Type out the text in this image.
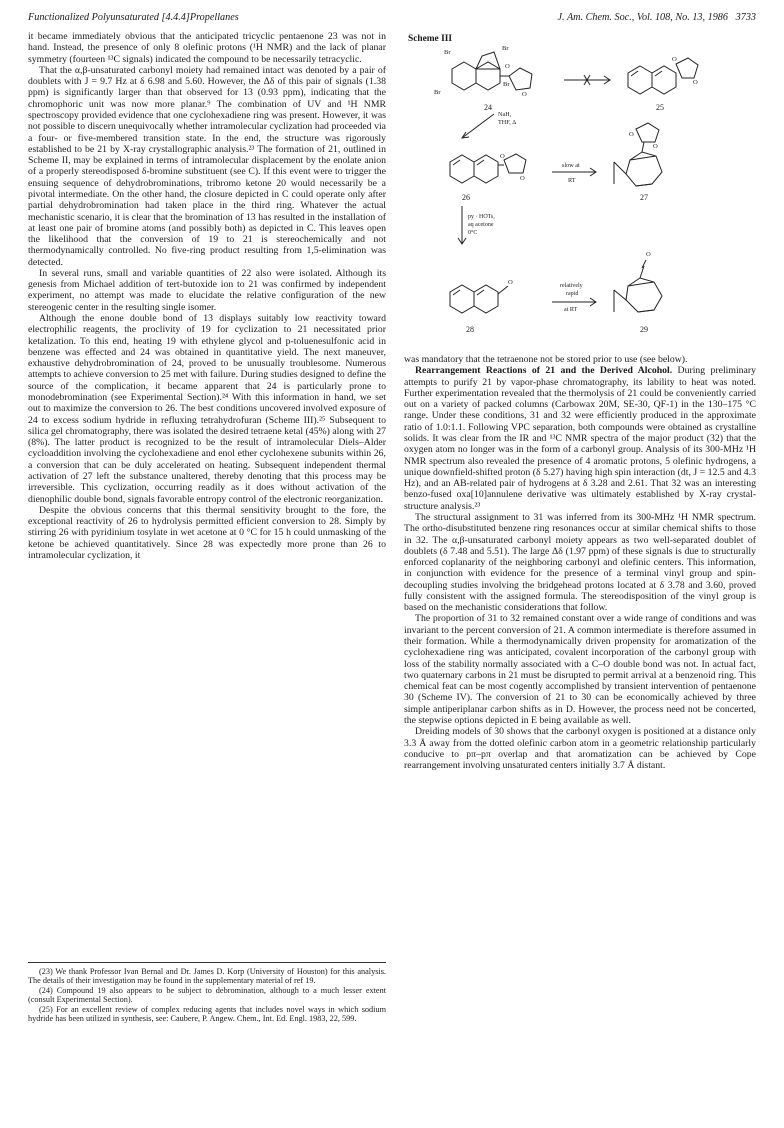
Functionalized Polyunsaturated [4.4.4]Propellanes	J. Am. Chem. Soc., Vol. 108, No. 13, 1986 3733

it became immediately obvious that the anticipated tricyclic pentaenone 23 was not in hand. Instead, the presence of only 8 olefinic protons (¹H NMR) and the lack of planar symmetry (fourteen ¹³C signals) indicated the compound to be necessarily tetracyclic.

That the α,β-unsaturated carbonyl moiety had remained intact was denoted by a pair of doublets with J = 9.7 Hz at δ 6.98 and 5.60. However, the Δδ of this pair of signals (1.38 ppm) is significantly larger than that observed for 13 (0.93 ppm), indicating that the chromophoric unit was now more planar.⁹ The combination of UV and ¹H NMR spectroscopy provided evidence that one cyclohexadiene ring was present. However, it was not possible to discern unequivocally whether intramolecular cyclization had proceeded via a four- or five-membered transition state. In the end, the structure was rigorously established to be 21 by X-ray crystallographic analysis.²³ The formation of 21, outlined in Scheme II, may be explained in terms of intramolecular displacement by the enolate anion of a properly stereodisposed δ-bromine substituent (see C). If this event were to trigger the ensuing sequence of dehydrobrominations, tribromo ketone 20 would necessarily be a pivotal intermediate. On the other hand, the closure depicted in C could operate only after partial dehydrobromination had taken place in the third ring. Whatever the actual mechanistic scenario, it is clear that the bromination of 13 has resulted in the installation of at least one pair of bromine atoms (and possibly both) as depicted in C. This leaves open the likelihood that the conversion of 19 to 21 is stereochemically and not thermodynamically controlled. No five-ring product resulting from 1,5-elimination was detected.

In several runs, small and variable quantities of 22 also were isolated. Although its genesis from Michael addition of tert-butoxide ion to 21 was confirmed by independent experiment, no attempt was made to elucidate the relative configuration of the new stereogenic center in the resulting single isomer.

Although the enone double bond of 13 displays suitably low reactivity toward electrophilic reagents, the proclivity of 19 for cyclization to 21 necessitated prior ketalization. To this end, heating 19 with ethylene glycol and p-toluenesulfonic acid in benzene was effected and 24 was obtained in quantitative yield. The next maneuver, exhaustive dehydrobromination of 24, proved to be unusually troublesome. Numerous attempts to achieve conversion to 25 met with failure. During studies designed to define the source of the complication, it became apparent that 24 is particularly prone to monodebromination (see Experimental Section).²⁴ With this information in hand, we set out to maximize the conversion to 26. The best conditions uncovered involved exposure of 24 to excess sodium hydride in refluxing tetrahydrofuran (Scheme III).²⁵ Subsequent to silica gel chromatography, there was isolated the desired tetraene ketal (45%) along with 27 (8%). The latter product is recognized to be the result of intramolecular Diels–Alder cycloaddition involving the cyclohexadiene and enol ether cyclohexene subunits within 26, a conversion that can be duly accelerated on heating. Subsequent independent thermal activation of 27 left the substance unaltered, thereby denoting that this process may be irreversible. This cyclization, occurring readily as it does without activation of the dienophilic double bond, signals favorable entropy control of the electronic reorganization.

Despite the obvious concerns that this thermal sensitivity brought to the fore, the exceptional reactivity of 26 to hydrolysis permitted efficient conversion to 28. Simply by stirring 26 with pyridinium tosylate in wet acetone at 0 °C for 15 h could unmasking of the ketone be achieved quantitatively. Since 28 was expectedly more prone than 26 to intramolecular cyclization, it

(23) We thank Professor Ivan Bernal and Dr. James D. Korp (University of Houston) for this analysis. The details of their investigation may be found in the supplementary material of ref 19.

(24) Compound 19 also appears to be subject to debromination, although to a much lesser extent (consult Experimental Section).

(25) For an excellent review of complex reducing agents that includes novel ways in which sodium hydride has been utilized in synthesis, see: Caubere, P. Angew. Chem., Int. Ed. Engl. 1983, 22, 599.

Scheme III
Br
Br
Br
Br
O
O
O
O
O
O
O
O
O
O
NaH,
THF, Δ
slow at
RT
py · HOTs,
aq acetone
0°C
relatively
rapid
at RT
24	25
26	27
28	29

was mandatory that the tetraenone not be stored prior to use (see below).

Rearrangement Reactions of 21 and the Derived Alcohol. During preliminary attempts to purify 21 by vapor-phase chromatography, its lability to heat was noted. Further experimentation revealed that the thermolysis of 21 could be conveniently carried out on a variety of packed columns (Carbowax 20M, SE-30, QF-1) in the 130–175 °C range. Under these conditions, 31 and 32 were efficiently produced in the approximate ratio of 1.0:1.1. Following VPC separation, both compounds were obtained as crystalline solids. It was clear from the IR and ¹³C NMR spectra of the major product (32) that the oxygen atom no longer was in the form of a carbonyl group. Analysis of its 300-MHz ¹H NMR spectrum also revealed the presence of 4 aromatic protons, 5 olefinic hydrogens, a unique downfield-shifted proton (δ 5.27) having high spin interaction (dt, J = 12.5 and 4.3 Hz), and an AB-related pair of hydrogens at δ 3.28 and 2.61. That 32 was an interesting benzo-fused oxa[10]annulene derivative was ultimately established by X-ray crystal-structure analysis.²³

The structural assignment to 31 was inferred from its 300-MHz ¹H NMR spectrum. The ortho-disubstituted benzene ring resonances occur at similar chemical shifts to those in 32. The α,β-unsaturated carbonyl moiety appears as two well-separated doublet of doublets (δ 7.48 and 5.51). The large Δδ (1.97 ppm) of these signals is due to structurally enforced coplanarity of the neighboring carbonyl and olefinic centers. This information, in conjunction with evidence for the presence of a terminal vinyl group and spin-decoupling studies involving the bridgehead protons located at δ 3.78 and 3.60, proved fully consistent with the assigned formula. The stereodisposition of the vinyl group is based on the mechanistic considerations that follow.

The proportion of 31 to 32 remained constant over a wide range of conditions and was invariant to the percent conversion of 21. A common intermediate is therefore assumed in their formation. While a thermodynamically driven propensity for aromatization of the cyclohexadiene ring was anticipated, covalent incorporation of the carbonyl group with loss of the stability normally associated with a C–O double bond was not. In actual fact, two quaternary carbons in 21 must be disrupted to permit arrival at a benzenoid ring. This chemical feat can be most cogently accomplished by transient intervention of pentaenone 30 (Scheme IV). The conversion of 21 to 30 can be economically achieved by three simple antiperiplanar carbon shifts as in D. However, the process need not be concerted, the stepwise options depicted in E being available as well.

Dreiding models of 30 shows that the carbonyl oxygen is positioned at a distance only 3.3 Å away from the dotted olefinic carbon atom in a geometric relationship particularly conducive to pπ–pπ overlap and that aromatization can be achieved by Cope rearrangement involving unsaturated centers initially 3.7 Å distant.
